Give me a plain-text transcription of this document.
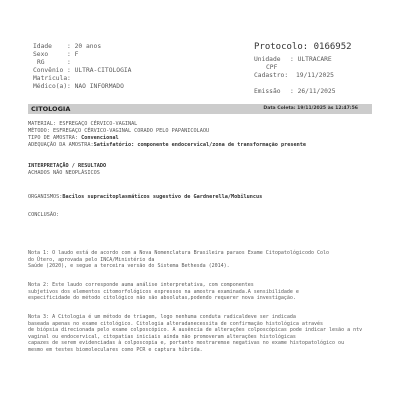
Idade : 20 anos
Sexo	: F
RG	:
Convênio : ULTRA-CITOLOGIA
Matricula:
Médico(a): NAO INFORMADO
Protocolo: 0166952
Unidade : ULTRACARE
CPF
Cadastro: 19/11/2025
Emissão : 26/11/2025
CITOLOGIA	Data Coleta: 19/11/2025 às 12:47:56
MATERIAL: ESFREGAÇO CÉRVICO-VAGINAL
MÉTODO: ESFREGAÇO CÉRVICO-VAGINAL CORADO PELO PAPANICOLAOU
TIPO DE AMOSTRA: Convencional
ADEQUAÇÃO DA AMOSTRA:Satisfatório: componente endocervical/zona de transformação presente
INTERPRETAÇÃO / RESULTADO
ACHADOS NÃO NEOPLÁSICOS
ORGANISMOS:Bacilos supracitoplasmáticos sugestivo de Gardnerella/Mobiluncus
CONCLUSÃO:
Nota 1: O laudo está de acordo com a Nova Nomenclatura Brasileira paraos Exame Citopatológicodo Colo
do Útero, aprovada pelo INCA/Ministério da
Saúde (2020), e segue a terceira versão do Sistema Bethesda (2014).
Nota 2: Este laudo corresponde auma análise interpretativa, com componentes
subjetivos dos elementos citomorfológicos expressos na amostra examinada.A sensibilidade e
especificidade do método citológico não são absolutas,podendo requerer nova investigação.
Nota 3: A Citologia é um método de triagem, logo nenhuma conduta radicaldeve ser indicada
baseada apenas no exame citológico. Citologia alteradanecessita de confirmação histológica através
de biópsia direcionada pelo exame colposcópico. A ausência de alterações colposcópicas pode indicar lesão a ntv
vaginal ou endocervical, citopatias iniciais ainda não promoveram alterações histológicas
capazes de serem evidenciadas à colposcopia e, portanto mostraremse negativas no exame histopatológico ou
mesmo em testes biomoleculares como PCR e captura híbrida.
